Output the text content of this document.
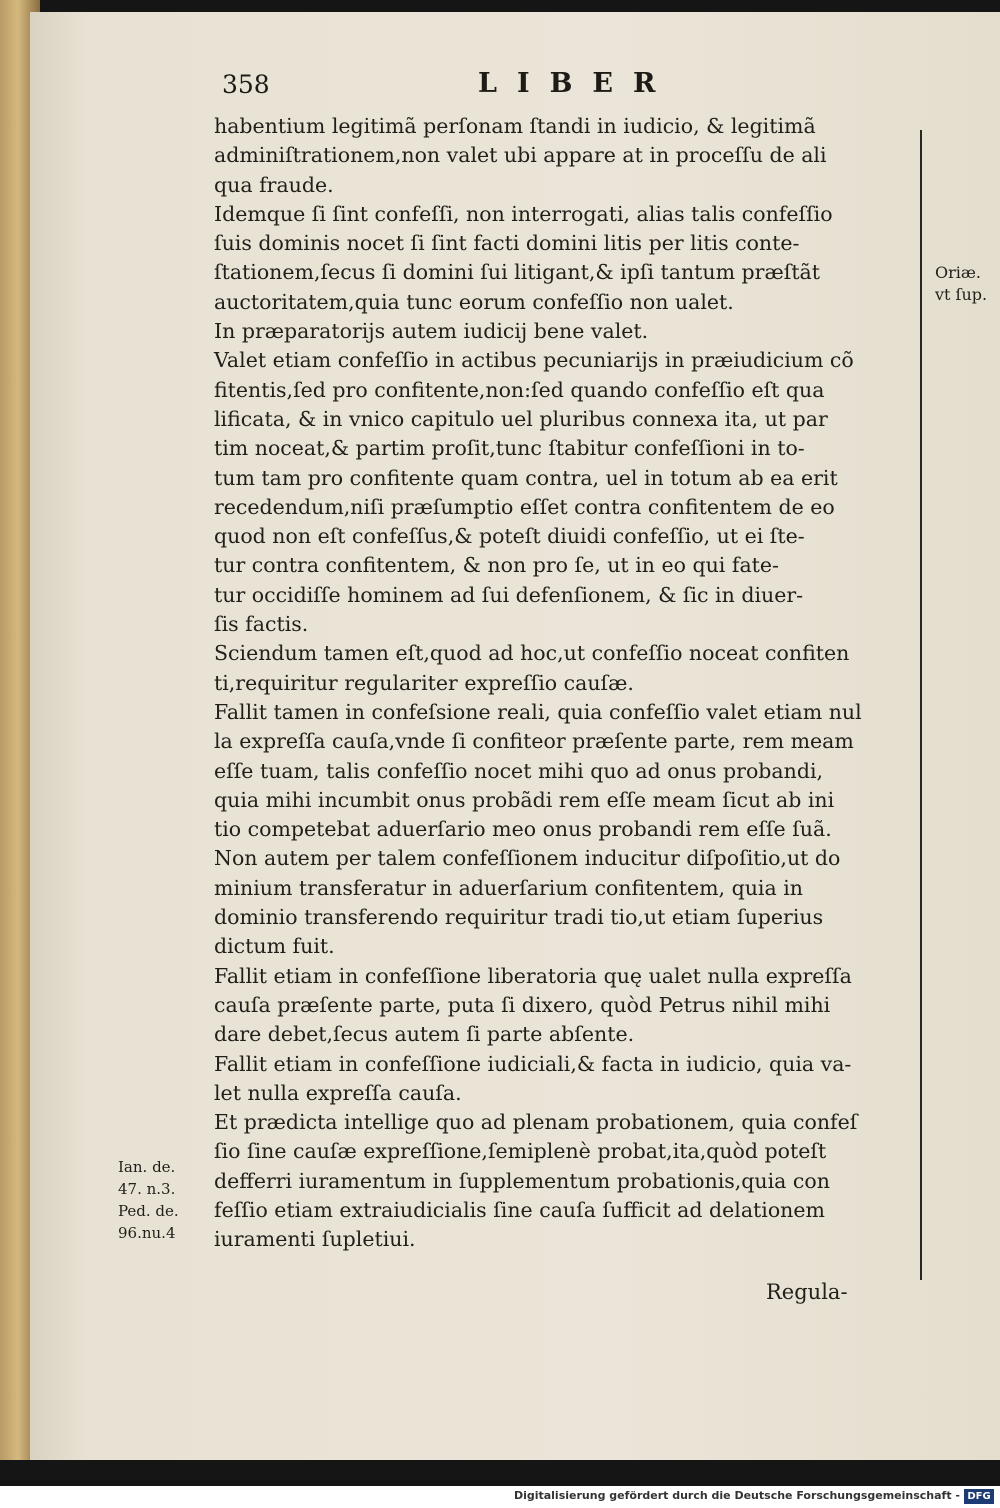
358	LIBER

habentium legitimã perſonam ſtandi in iudicio, & legitimã
adminiſtrationem,non valet ubi appare at in proceſſu de ali
qua fraude.

Idemque ſi ſint confeſſi, non interrogati, alias talis confeſſio
ſuis dominis nocet ſi ſint facti domini litis per litis conte-
ſtationem,ſecus ſi domini ſui litigant,& ipſi tantum præſtãt
auctoritatem,quia tunc eorum confeſſio non ualet.

In præparatorijs autem iudicij bene valet.

Valet etiam confeſſio in actibus pecuniarijs in præiudicium cõ
fitentis,ſed pro confitente,non:ſed quando confeſſio eſt qua
lificata, & in vnico capitulo uel pluribus connexa ita, ut par
tim noceat,& partim proſit,tunc ſtabitur confeſſioni in to-
tum tam pro confitente quam contra, uel in totum ab ea erit
recedendum,niſi præſumptio eſſet contra confitentem de eo
quod non eſt confeſſus,& poteſt diuidi confeſſio, ut ei ſte-
tur contra confitentem, & non pro ſe, ut in eo qui fate-
tur occidiſſe hominem ad ſui defenſionem, & ſic in diuer-
ſis factis.

Sciendum tamen eſt,quod ad hoc,ut confeſſio noceat confiten
ti,requiritur regulariter expreſſio cauſæ.

Fallit tamen in confeſsione reali, quia confeſſio valet etiam nul
la expreſſa cauſa,vnde ſi confiteor præſente parte, rem meam
eſſe tuam, talis confeſſio nocet mihi quo ad onus probandi,
quia mihi incumbit onus probãdi rem eſſe meam ſicut ab ini
tio competebat aduerſario meo onus probandi rem eſſe ſuã.

Non autem per talem confeſſionem inducitur diſpoſitio,ut do
minium transferatur in aduerſarium confitentem, quia in
dominio transferendo requiritur tradi tio,ut etiam ſuperius
dictum fuit.

Fallit etiam in confeſſione liberatoria quę ualet nulla expreſſa
cauſa præſente parte, puta ſi dixero, quòd Petrus nihil mihi
dare debet,ſecus autem ſi parte abſente.

Fallit etiam in confeſſione iudiciali,& facta in iudicio, quia va-
let nulla expreſſa cauſa.

Et prædicta intellige quo ad plenam probationem, quia confeſ
ſio ſine cauſæ expreſſione,ſemiplenè probat,ita,quòd poteſt
defferri iuramentum in ſupplementum probationis,quia con
feſſio etiam extraiudicialis ſine cauſa ſufficit ad delationem
iuramenti ſupletiui.

Oriæ.
vt ſup.
Ian. de.
47. n.3.
Ped. de.
96.nu.4
Regula-
Digitalisierung gefördert durch die Deutsche Forschungsgemeinschaft - DFG
